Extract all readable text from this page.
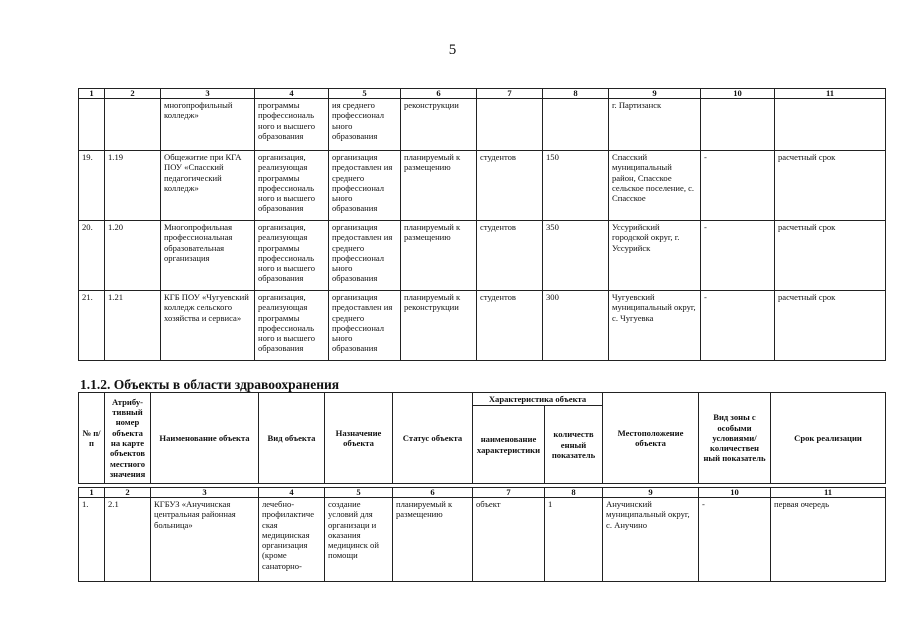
5
1	2	3	4	5	6	7	8	9	10	11
		многопрофильный колледж»	программы профессиональ ного и высшего образования	ия среднего профессионал ьного образования	реконструкции			г. Партизанск		
19.	1.19	Общежитие при КГА ПОУ «Спасский педагогический колледж»	организация, реализующая программы профессиональ ного и высшего образования	организация предоставлен ия среднего профессионал ьного образования	планируемый к размещению	студентов	150	Спасский муниципальный район, Спасское сельское поселение, с. Спасское	-	расчетный срок
20.	1.20	Многопрофильная профессиональная образовательная организация	организация, реализующая программы профессиональ ного и высшего образования	организация предоставлен ия среднего профессионал ьного образования	планируемый к размещению	студентов	350	Уссурийский городской округ, г. Уссурийск	-	расчетный срок
21.	1.21	КГБ ПОУ «Чугуевский колледж сельского хозяйства и сервиса»	организация, реализующая программы профессиональ ного и высшего образования	организация предоставлен ия среднего профессионал ьного образования	планируемый к реконструкции	студентов	300	Чугуевский муниципальный округ, с. Чугуевка	-	расчетный срок
1.1.2. Объекты в области здравоохранения
№ п/п	Атрибу-тивный номер объекта на карте объектов местного значения	Наименование объекта	Вид объекта	Назначение объекта	Статус объекта	Характеристика объекта		Местоположение объекта	Вид зоны с особыми условиями/ количествен ный показатель	Срок реализации
						наименование характеристики	количеств енный показатель			

1	2	3	4	5	6	7	8	9	10	11
1.	2.1	КГБУЗ «Анучинская центральная районная больница»	лечебно-профилактиче ская медицинская организация (кроме санаторно-	создание условий для организаци и оказания медицинск ой помощи	планируемый к размещению	объект	1	Анучинский муниципальный округ, с. Анучино	-	первая очередь
